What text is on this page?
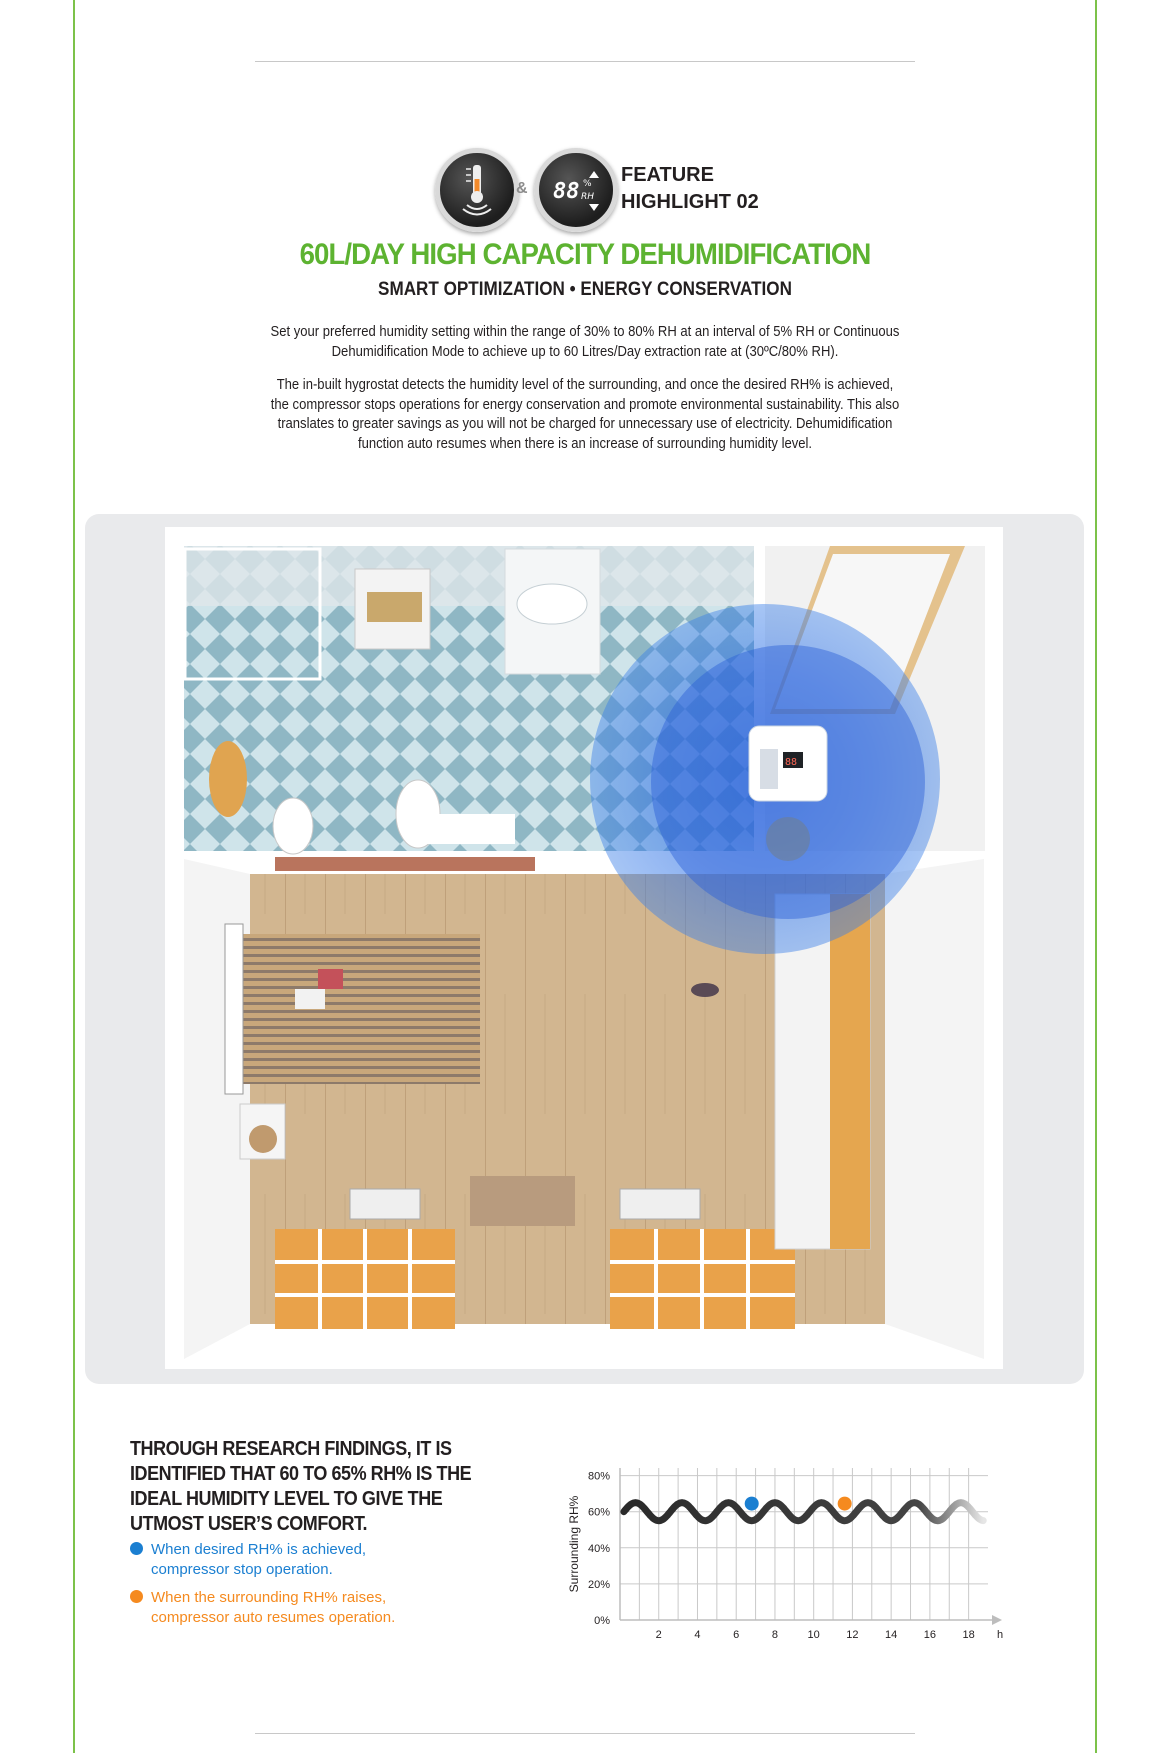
& 88 %
RH
FEATURE
HIGHLIGHT 02
60L/DAY HIGH CAPACITY DEHUMIDIFICATION
SMART OPTIMIZATION • ENERGY CONSERVATION
Set your preferred humidity setting within the range of 30% to 80% RH at an interval of 5% RH or Continuous Dehumidification Mode to achieve up to 60 Litres/Day extraction rate at (30ºC/80% RH).
The in-built hygrostat detects the humidity level of the surrounding, and once the desired RH% is achieved, the compressor stops operations for energy conservation and promote environmental sustainability. This also translates to greater savings as you will not be charged for unnecessary use of electricity. Dehumidification function auto resumes when there is an increase of surrounding humidity level.
88
THROUGH RESEARCH FINDINGS, IT IS IDENTIFIED THAT 60 TO 65% RH% IS THE IDEAL HUMIDITY LEVEL TO GIVE THE UTMOST USER’S COMFORT.
When desired RH% is achieved, compressor stop operation.
When the surrounding RH% raises, compressor auto resumes operation.
2	4	6	8	10 12 14 16 18
80%
60%
40%
20%
0%
h
Surrounding RH%
